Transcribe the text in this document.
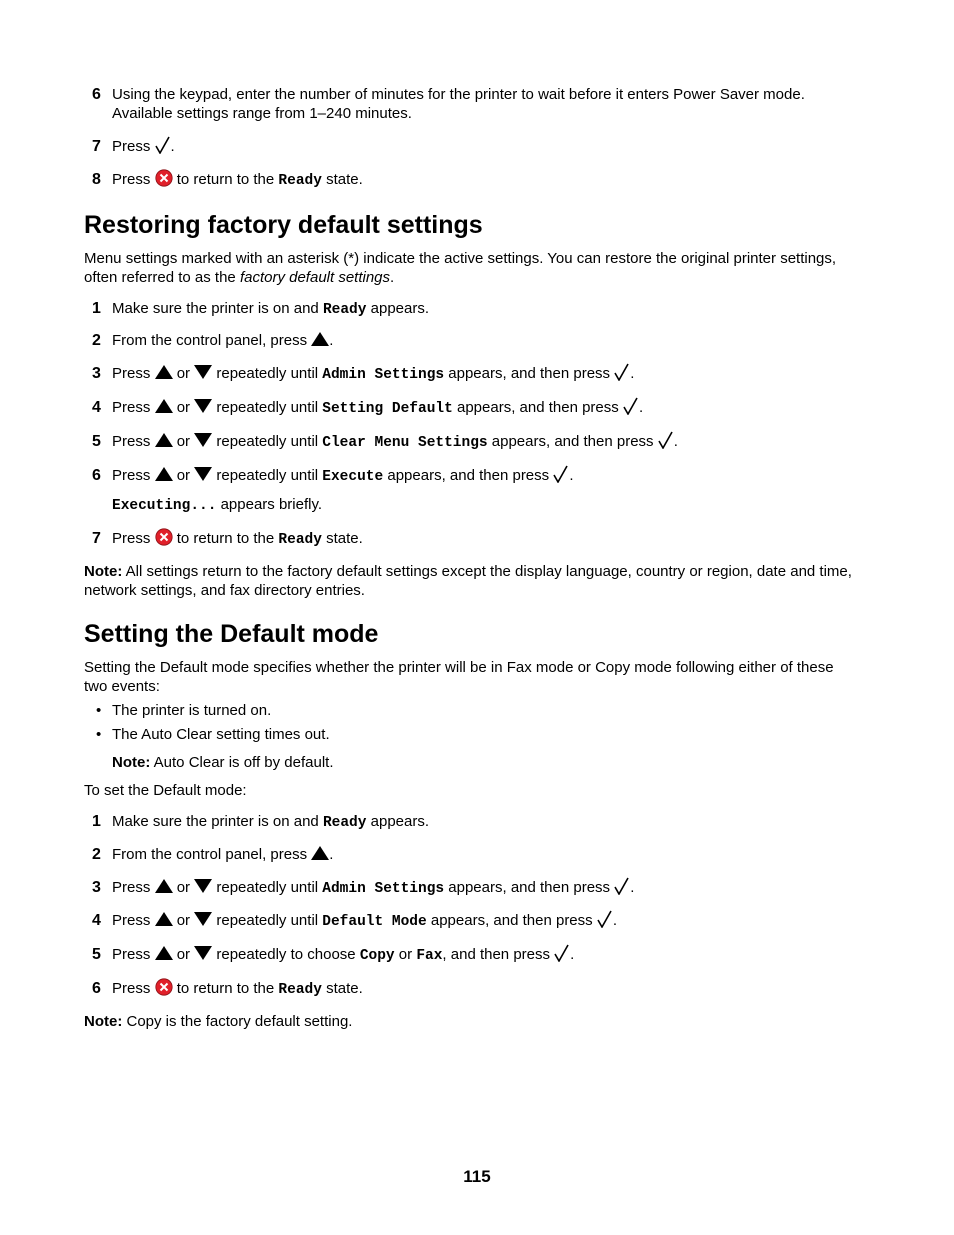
6 Using the keypad, enter the number of minutes for the printer to wait before it enters Power Saver mode.
Available settings range from 1–240 minutes.
7 Press .
8 Press to return to the Ready state.
Restoring factory default settings
Menu settings marked with an asterisk (*) indicate the active settings. You can restore the original printer settings,
often referred to as the factory default settings.
1 Make sure the printer is on and Ready appears.
2 From the control panel, press .
3 Press or repeatedly until Admin Settings appears, and then press .
4 Press or repeatedly until Setting Default appears, and then press .
5 Press or repeatedly until Clear Menu Settings appears, and then press .
6 Press or repeatedly until Execute appears, and then press .
Executing... appears briefly.
7 Press to return to the Ready state.
Note: All settings return to the factory default settings except the display language, country or region, date and time,
network settings, and fax directory entries.
Setting the Default mode
Setting the Default mode specifies whether the printer will be in Fax mode or Copy mode following either of these
two events:
• The printer is turned on.
• The Auto Clear setting times out.
Note: Auto Clear is off by default.
To set the Default mode:
1 Make sure the printer is on and Ready appears.
2 From the control panel, press .
3 Press or repeatedly until Admin Settings appears, and then press .
4 Press or repeatedly until Default Mode appears, and then press .
5 Press or repeatedly to choose Copy or Fax, and then press .
6 Press to return to the Ready state.
Note: Copy is the factory default setting.
115
